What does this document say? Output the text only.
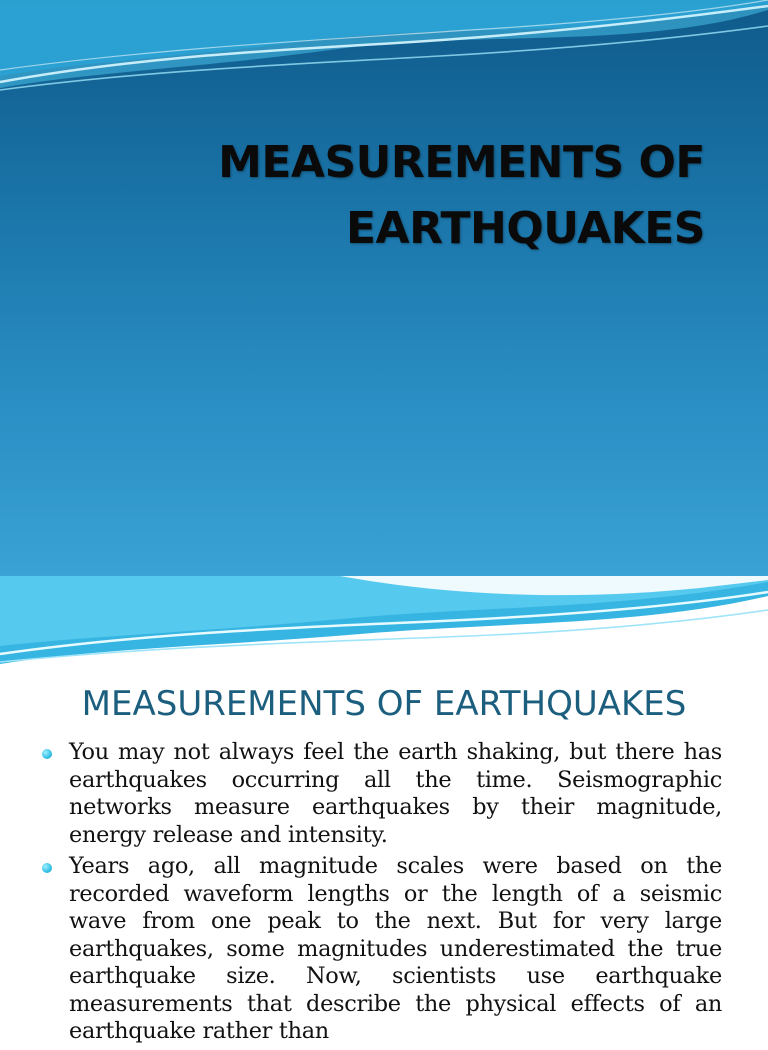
MEASUREMENTS OF
EARTHQUAKES
MEASUREMENTS OF EARTHQUAKES
You may not always feel the earth shaking, but there has earthquakes occurring all the time. Seismographic networks measure earthquakes by their magnitude, energy release and intensity.
Years ago, all magnitude scales were based on the recorded waveform lengths or the length of a seismic wave from one peak to the next. But for very large earthquakes, some magnitudes underestimated the true earthquake size. Now, scientists use earthquake measurements that describe the physical effects of an earthquake rather than
